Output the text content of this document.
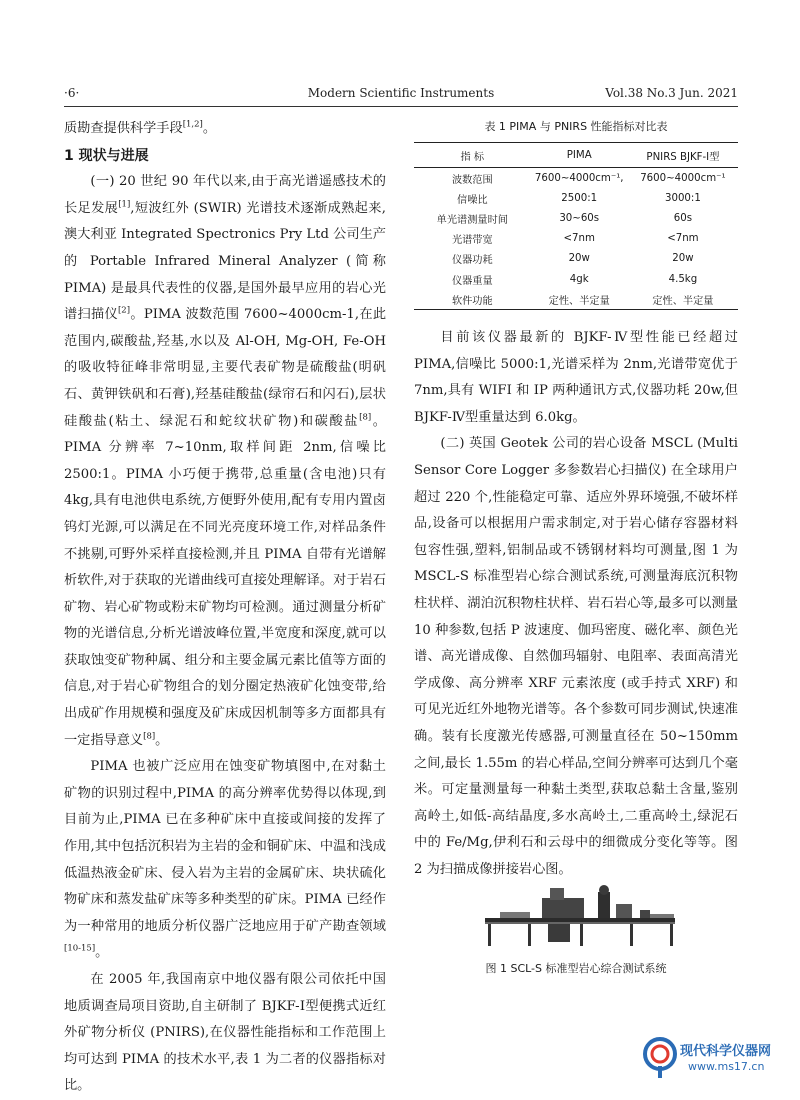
·6·	Modern Scientific Instruments	Vol.38 No.3 Jun. 2021

质勘查提供科学手段[1,2]。

1 现状与进展

(一) 20 世纪 90 年代以来,由于高光谱遥感技术的长足发展[1],短波红外 (SWIR) 光谱技术逐渐成熟起来,澳大利亚 Integrated Spectronics Pry Ltd 公司生产的 Portable Infrared Mineral Analyzer (简称 PIMA) 是最具代表性的仪器,是国外最早应用的岩心光谱扫描仪[2]。PIMA 波数范围 7600~4000cm-1,在此范围内,碳酸盐,羟基,水以及 Al-OH, Mg-OH, Fe-OH 的吸收特征峰非常明显,主要代表矿物是硫酸盐(明矾石、黄钾铁矾和石膏),羟基硅酸盐(绿帘石和闪石),层状硅酸盐(粘土、绿泥石和蛇纹状矿物)和碳酸盐[8]。PIMA 分辨率 7~10nm,取样间距 2nm,信噪比 2500:1。PIMA 小巧便于携带,总重量(含电池)只有 4kg,具有电池供电系统,方便野外使用,配有专用内置卤钨灯光源,可以满足在不同光亮度环境工作,对样品条件不挑剔,可野外采样直接检测,并且 PIMA 自带有光谱解析软件,对于获取的光谱曲线可直接处理解译。对于岩石矿物、岩心矿物或粉末矿物均可检测。通过测量分析矿物的光谱信息,分析光谱波峰位置,半宽度和深度,就可以获取蚀变矿物种属、组分和主要金属元素比值等方面的信息,对于岩心矿物组合的划分圈定热液矿化蚀变带,给出成矿作用规模和强度及矿床成因机制等多方面都具有一定指导意义[8]。

PIMA 也被广泛应用在蚀变矿物填图中,在对黏土矿物的识别过程中,PIMA 的高分辨率优势得以体现,到目前为止,PIMA 已在多种矿床中直接或间接的发挥了作用,其中包括沉积岩为主岩的金和铜矿床、中温和浅成低温热液金矿床、侵入岩为主岩的金属矿床、块状硫化物矿床和蒸发盐矿床等多种类型的矿床。PIMA 已经作为一种常用的地质分析仪器广泛地应用于矿产勘查领域[10-15]。

在 2005 年,我国南京中地仪器有限公司依托中国地质调查局项目资助,自主研制了 BJKF-Ⅰ型便携式近红外矿物分析仪 (PNIRS),在仪器性能指标和工作范围上均可达到 PIMA 的技术水平,表 1 为二者的仪器指标对比。

表 1 PIMA 与 PNIRS 性能指标对比表
指 标	PIMA	PNIRS BJKF-Ⅰ型
波数范围	7600~4000cm⁻¹,	7600~4000cm⁻¹
信噪比	2500:1	3000:1
单光谱测量时间	30~60s	60s
光谱带宽	<7nm	<7nm
仪器功耗	20w	20w
仪器重量	4gk	4.5kg
软件功能	定性、半定量	定性、半定量

目前该仪器最新的 BJKF-Ⅳ型性能已经超过 PIMA,信噪比 5000:1,光谱采样为 2nm,光谱带宽优于 7nm,具有 WIFI 和 IP 两种通讯方式,仪器功耗 20w,但 BJKF-Ⅳ型重量达到 6.0kg。

(二) 英国 Geotek 公司的岩心设备 MSCL (Multi Sensor Core Logger 多参数岩心扫描仪) 在全球用户超过 220 个,性能稳定可靠、适应外界环境强,不破坏样品,设备可以根据用户需求制定,对于岩心储存容器材料包容性强,塑料,铝制品或不锈钢材料均可测量,图 1 为 MSCL-S 标准型岩心综合测试系统,可测量海底沉积物柱状样、湖泊沉积物柱状样、岩石岩心等,最多可以测量 10 种参数,包括 P 波速度、伽玛密度、磁化率、颜色光谱、高光谱成像、自然伽玛辐射、电阻率、表面高清光学成像、高分辨率 XRF 元素浓度 (或手持式 XRF) 和可见光近红外地物光谱等。各个参数可同步测试,快速准确。装有长度激光传感器,可测量直径在 50~150mm 之间,最长 1.55m 的岩心样品,空间分辨率可达到几个毫米。可定量测量每一种黏土类型,获取总黏土含量,鉴别高岭土,如低-高结晶度,多水高岭土,二重高岭土,绿泥石中的 Fe/Mg,伊利石和云母中的细微成分变化等等。图 2 为扫描成像拼接岩心图。

图 1 SCL-S 标准型岩心综合测试系统
现代科学仪器网
www.ms17.cn
